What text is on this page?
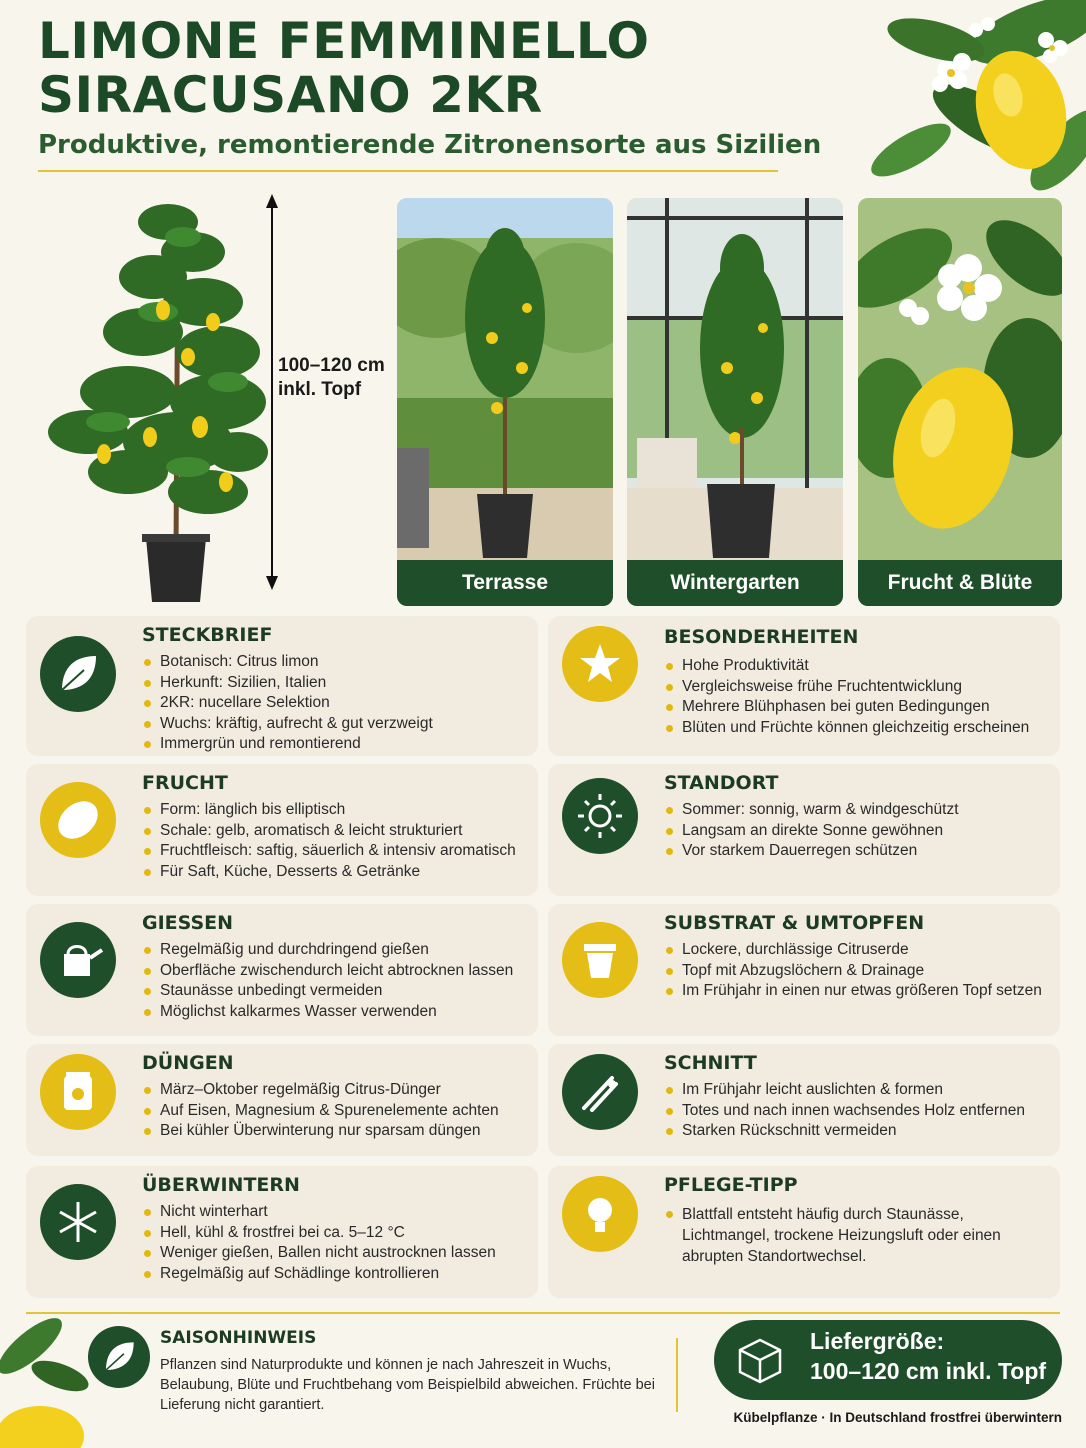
LIMONE FEMMINELLO
SIRACUSANO 2KR
Produktive, remontierende Zitronensorte aus Sizilien
100–120 cm
inkl. Topf
Terrasse	Wintergarten	Frucht & Blüte
STECKBRIEF
Botanisch: Citrus limon
Herkunft: Sizilien, Italien
2KR: nucellare Selektion
Wuchs: kräftig, aufrecht & gut verzweigt
Immergrün und remontierend
FRUCHT
Form: länglich bis elliptisch
Schale: gelb, aromatisch & leicht strukturiert
Fruchtfleisch: saftig, säuerlich & intensiv aromatisch
Für Saft, Küche, Desserts & Getränke
GIESSEN
Regelmäßig und durchdringend gießen
Oberfläche zwischendurch leicht abtrocknen lassen
Staunässe unbedingt vermeiden
Möglichst kalkarmes Wasser verwenden
DÜNGEN
März–Oktober regelmäßig Citrus-Dünger
Auf Eisen, Magnesium & Spurenelemente achten
Bei kühler Überwinterung nur sparsam düngen
ÜBERWINTERN
Nicht winterhart
Hell, kühl & frostfrei bei ca. 5–12 °C
Weniger gießen, Ballen nicht austrocknen lassen
Regelmäßig auf Schädlinge kontrollieren
BESONDERHEITEN
Hohe Produktivität
Vergleichsweise frühe Fruchtentwicklung
Mehrere Blühphasen bei guten Bedingungen
Blüten und Früchte können gleichzeitig erscheinen
STANDORT
Sommer: sonnig, warm & windgeschützt
Langsam an direkte Sonne gewöhnen
Vor starkem Dauerregen schützen
SUBSTRAT & UMTOPFEN
Lockere, durchlässige Citruserde
Topf mit Abzugslöchern & Drainage
Im Frühjahr in einen nur etwas größeren Topf setzen
SCHNITT
Im Frühjahr leicht auslichten & formen
Totes und nach innen wachsendes Holz entfernen
Starken Rückschnitt vermeiden
PFLEGE-TIPP
Blattfall entsteht häufig durch Staunässe, Lichtmangel, trockene Heizungsluft oder einen abrupten Standortwechsel.
SAISONHINWEIS
Pflanzen sind Naturprodukte und können je nach Jahreszeit in Wuchs, Belaubung, Blüte und Fruchtbehang vom Beispielbild abweichen. Früchte bei Lieferung nicht garantiert.
Liefergröße:
100–120 cm inkl. Topf
Kübelpflanze · In Deutschland frostfrei überwintern
